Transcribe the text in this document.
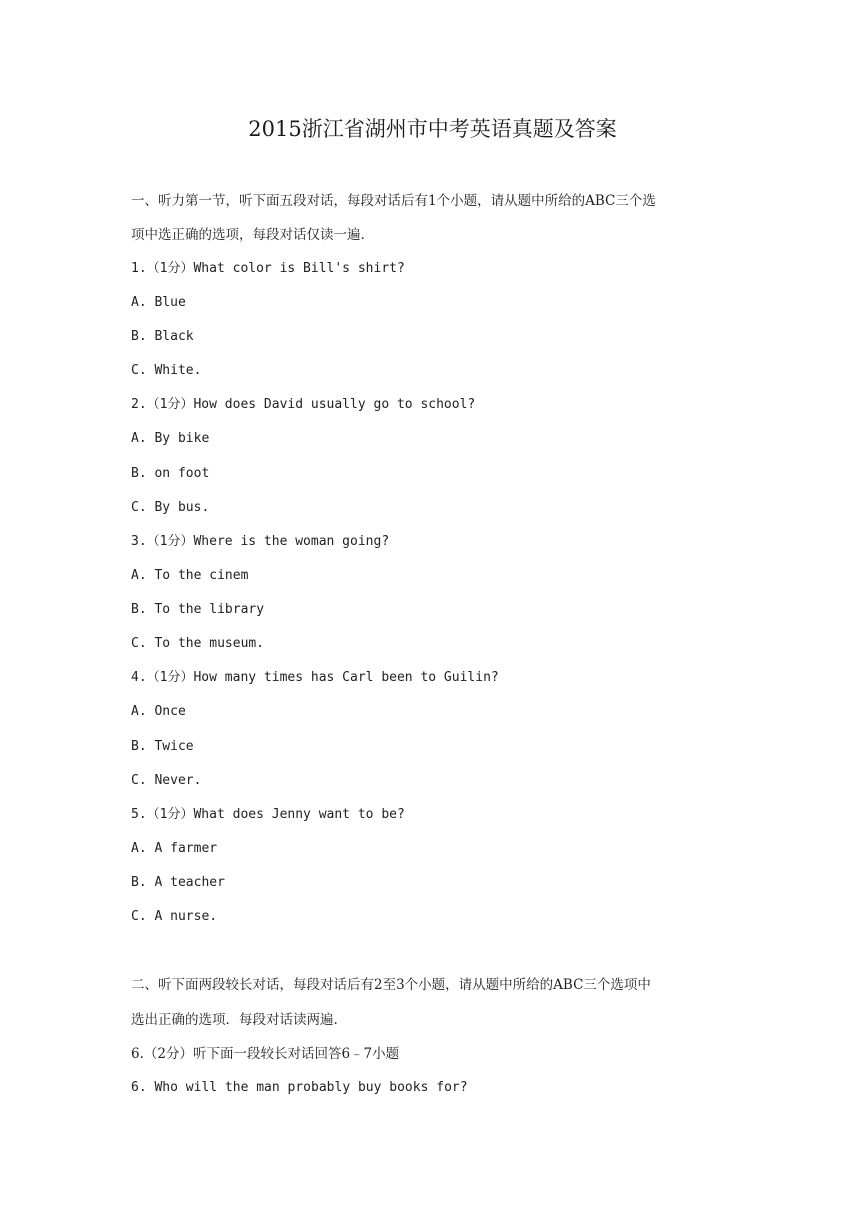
2015浙江省湖州市中考英语真题及答案
一、听力第一节，听下面五段对话，每段对话后有1个小题，请从题中所给的ABC三个选
项中选正确的选项，每段对话仅读一遍.
1.（1分）What color is Bill's shirt?
A. Blue
B. Black
C. White.
2.（1分）How does David usually go to school?
A. By bike
B. on foot
C. By bus.
3.（1分）Where is the woman going?
A. To the cinem
B. To the library
C. To the museum.
4.（1分）How many times has Carl been to Guilin?
A. Once
B. Twice
C. Never.
5.（1分）What does Jenny want to be?
A. A farmer
B. A teacher
C. A nurse.
二、听下面两段较长对话，每段对话后有2至3个小题，请从题中所给的ABC三个选项中
选出正确的选项．每段对话读两遍.
6.（2分）听下面一段较长对话回答6﹣7小题
6. Who will the man probably buy books for?
